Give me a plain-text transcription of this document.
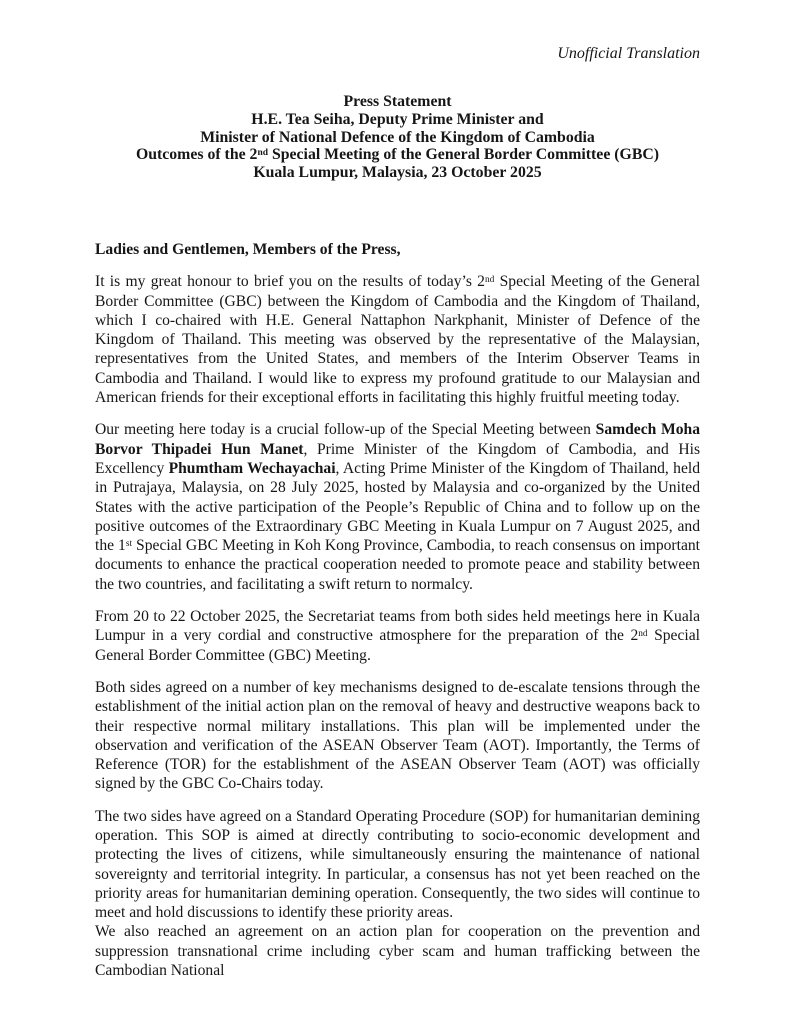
Unofficial Translation
Press Statement
H.E. Tea Seiha, Deputy Prime Minister and
Minister of National Defence of the Kingdom of Cambodia
Outcomes of the 2nd Special Meeting of the General Border Committee (GBC)
Kuala Lumpur, Malaysia, 23 October 2025

Ladies and Gentlemen, Members of the Press,

It is my great honour to brief you on the results of today’s 2nd Special Meeting of the General Border Committee (GBC) between the Kingdom of Cambodia and the Kingdom of Thailand, which I co-chaired with H.E. General Nattaphon Narkphanit, Minister of Defence of the Kingdom of Thailand. This meeting was observed by the representative of the Malaysian, representatives from the United States, and members of the Interim Observer Teams in Cambodia and Thailand. I would like to express my profound gratitude to our Malaysian and American friends for their exceptional efforts in facilitating this highly fruitful meeting today.

Our meeting here today is a crucial follow-up of the Special Meeting between Samdech Moha Borvor Thipadei Hun Manet, Prime Minister of the Kingdom of Cambodia, and His Excellency Phumtham Wechayachai, Acting Prime Minister of the Kingdom of Thailand, held in Putrajaya, Malaysia, on 28 July 2025, hosted by Malaysia and co-organized by the United States with the active participation of the People’s Republic of China and to follow up on the positive outcomes of the Extraordinary GBC Meeting in Kuala Lumpur on 7 August 2025, and the 1st Special GBC Meeting in Koh Kong Province, Cambodia, to reach consensus on important documents to enhance the practical cooperation needed to promote peace and stability between the two countries, and facilitating a swift return to normalcy.

From 20 to 22 October 2025, the Secretariat teams from both sides held meetings here in Kuala Lumpur in a very cordial and constructive atmosphere for the preparation of the 2nd Special General Border Committee (GBC) Meeting.

Both sides agreed on a number of key mechanisms designed to de-escalate tensions through the establishment of the initial action plan on the removal of heavy and destructive weapons back to their respective normal military installations. This plan will be implemented under the observation and verification of the ASEAN Observer Team (AOT). Importantly, the Terms of Reference (TOR) for the establishment of the ASEAN Observer Team (AOT) was officially signed by the GBC Co-Chairs today.

The two sides have agreed on a Standard Operating Procedure (SOP) for humanitarian demining operation. This SOP is aimed at directly contributing to socio-economic development and protecting the lives of citizens, while simultaneously ensuring the maintenance of national sovereignty and territorial integrity. In particular, a consensus has not yet been reached on the priority areas for humanitarian demining operation. Consequently, the two sides will continue to meet and hold discussions to identify these priority areas.

We also reached an agreement on an action plan for cooperation on the prevention and suppression transnational crime including cyber scam and human trafficking between the Cambodian National
